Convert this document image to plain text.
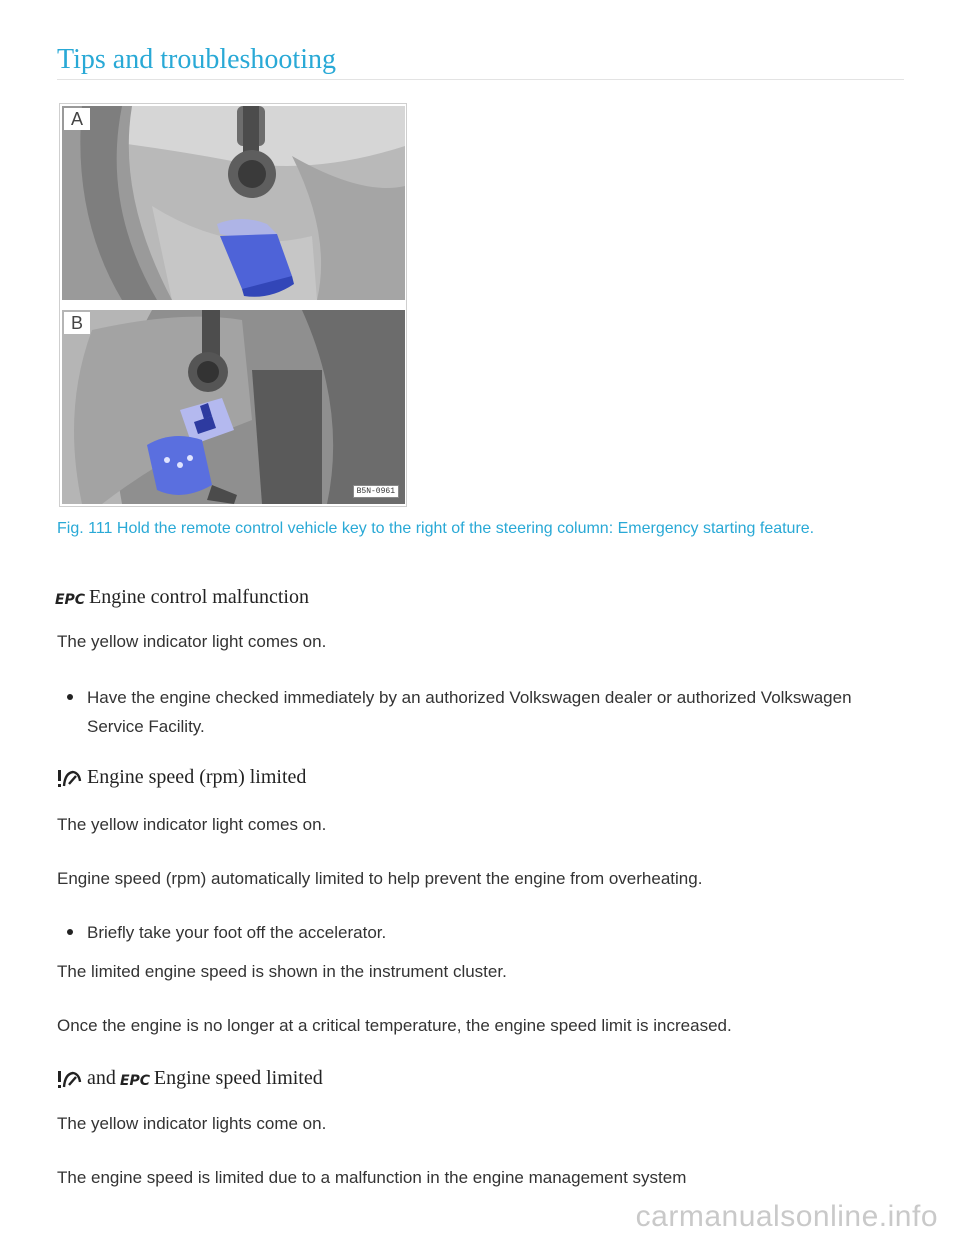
Tips and troubleshooting
A
B
B5N-0961
Fig. 111 Hold the remote control vehicle key to the right of the steering column: Emergency starting feature.
EPC Engine control malfunction
The yellow indicator light comes on.
Have the engine checked immediately by an authorized Volkswagen dealer or authorized Volkswagen Service Facility.
Engine speed (rpm) limited
The yellow indicator light comes on.
Engine speed (rpm) automatically limited to help prevent the engine from overheating.
Briefly take your foot off the accelerator.
The limited engine speed is shown in the instrument cluster.
Once the engine is no longer at a critical temperature, the engine speed limit is increased.
and EPC Engine speed limited
The yellow indicator lights come on.
The engine speed is limited due to a malfunction in the engine management system
carmanualsonline.info
